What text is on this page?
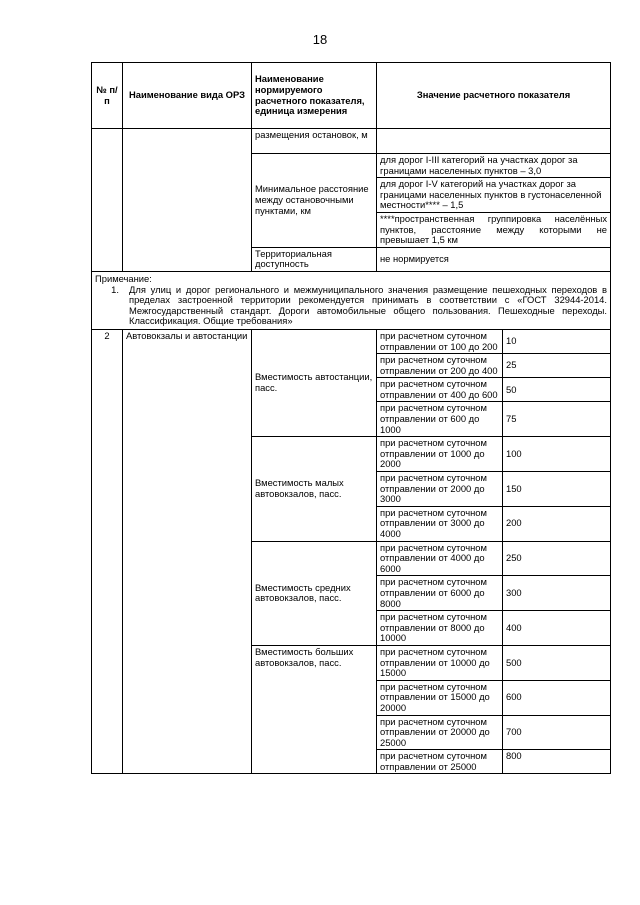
18
№ п/п	Наименование вида ОРЗ	Наименование нормируемого расчетного показателя, единица измерения	Значение расчетного показателя	
		размещения остановок, м		
		Минимальное расстояние между остановочными пунктами, км	для дорог I-III категорий на участках дорог за границами населенных пунктов – 3,0	
			для дорог I-V категорий на участках дорог за границами населенных пунктов в густонаселенной местности**** – 1,5	
			****пространственная группировка населённых пунктов, расстояние между которыми не превышает 1,5 км	
		Территориальная доступность	не нормируется	

Примечание:
1. Для улиц и дорог регионального и межмуниципального значения размещение пешеходных переходов в пределах застроенной территории рекомендуется принимать в соответствии с «ГОСТ 32944-2014. Межгосударственный стандарт. Дороги автомобильные общего пользования. Пешеходные переходы. Классификация. Общие требования»				

2	Автовокзалы и автостанции	Вместимость автостанции, пасс.	при расчетном суточном отправлении от 100 до 200	10
			при расчетном суточном отправлении от 200 до 400	25
			при расчетном суточном отправлении от 400 до 600	50
			при расчетном суточном отправлении от 600 до 1000	75
		Вместимость малых автовокзалов, пасс.	при расчетном суточном отправлении от 1000 до 2000	100
			при расчетном суточном отправлении от 2000 до 3000	150
			при расчетном суточном отправлении от 3000 до 4000	200
		Вместимость средних автовокзалов, пасс.	при расчетном суточном отправлении от 4000 до 6000	250
			при расчетном суточном отправлении от 6000 до 8000	300
			при расчетном суточном отправлении от 8000 до 10000	400
		Вместимость больших автовокзалов, пасс.	при расчетном суточном отправлении от 10000 до 15000	500
			при расчетном суточном отправлении от 15000 до 20000	600
			при расчетном суточном отправлении от 20000 до 25000	700
			при расчетном суточном отправлении от 25000	800
